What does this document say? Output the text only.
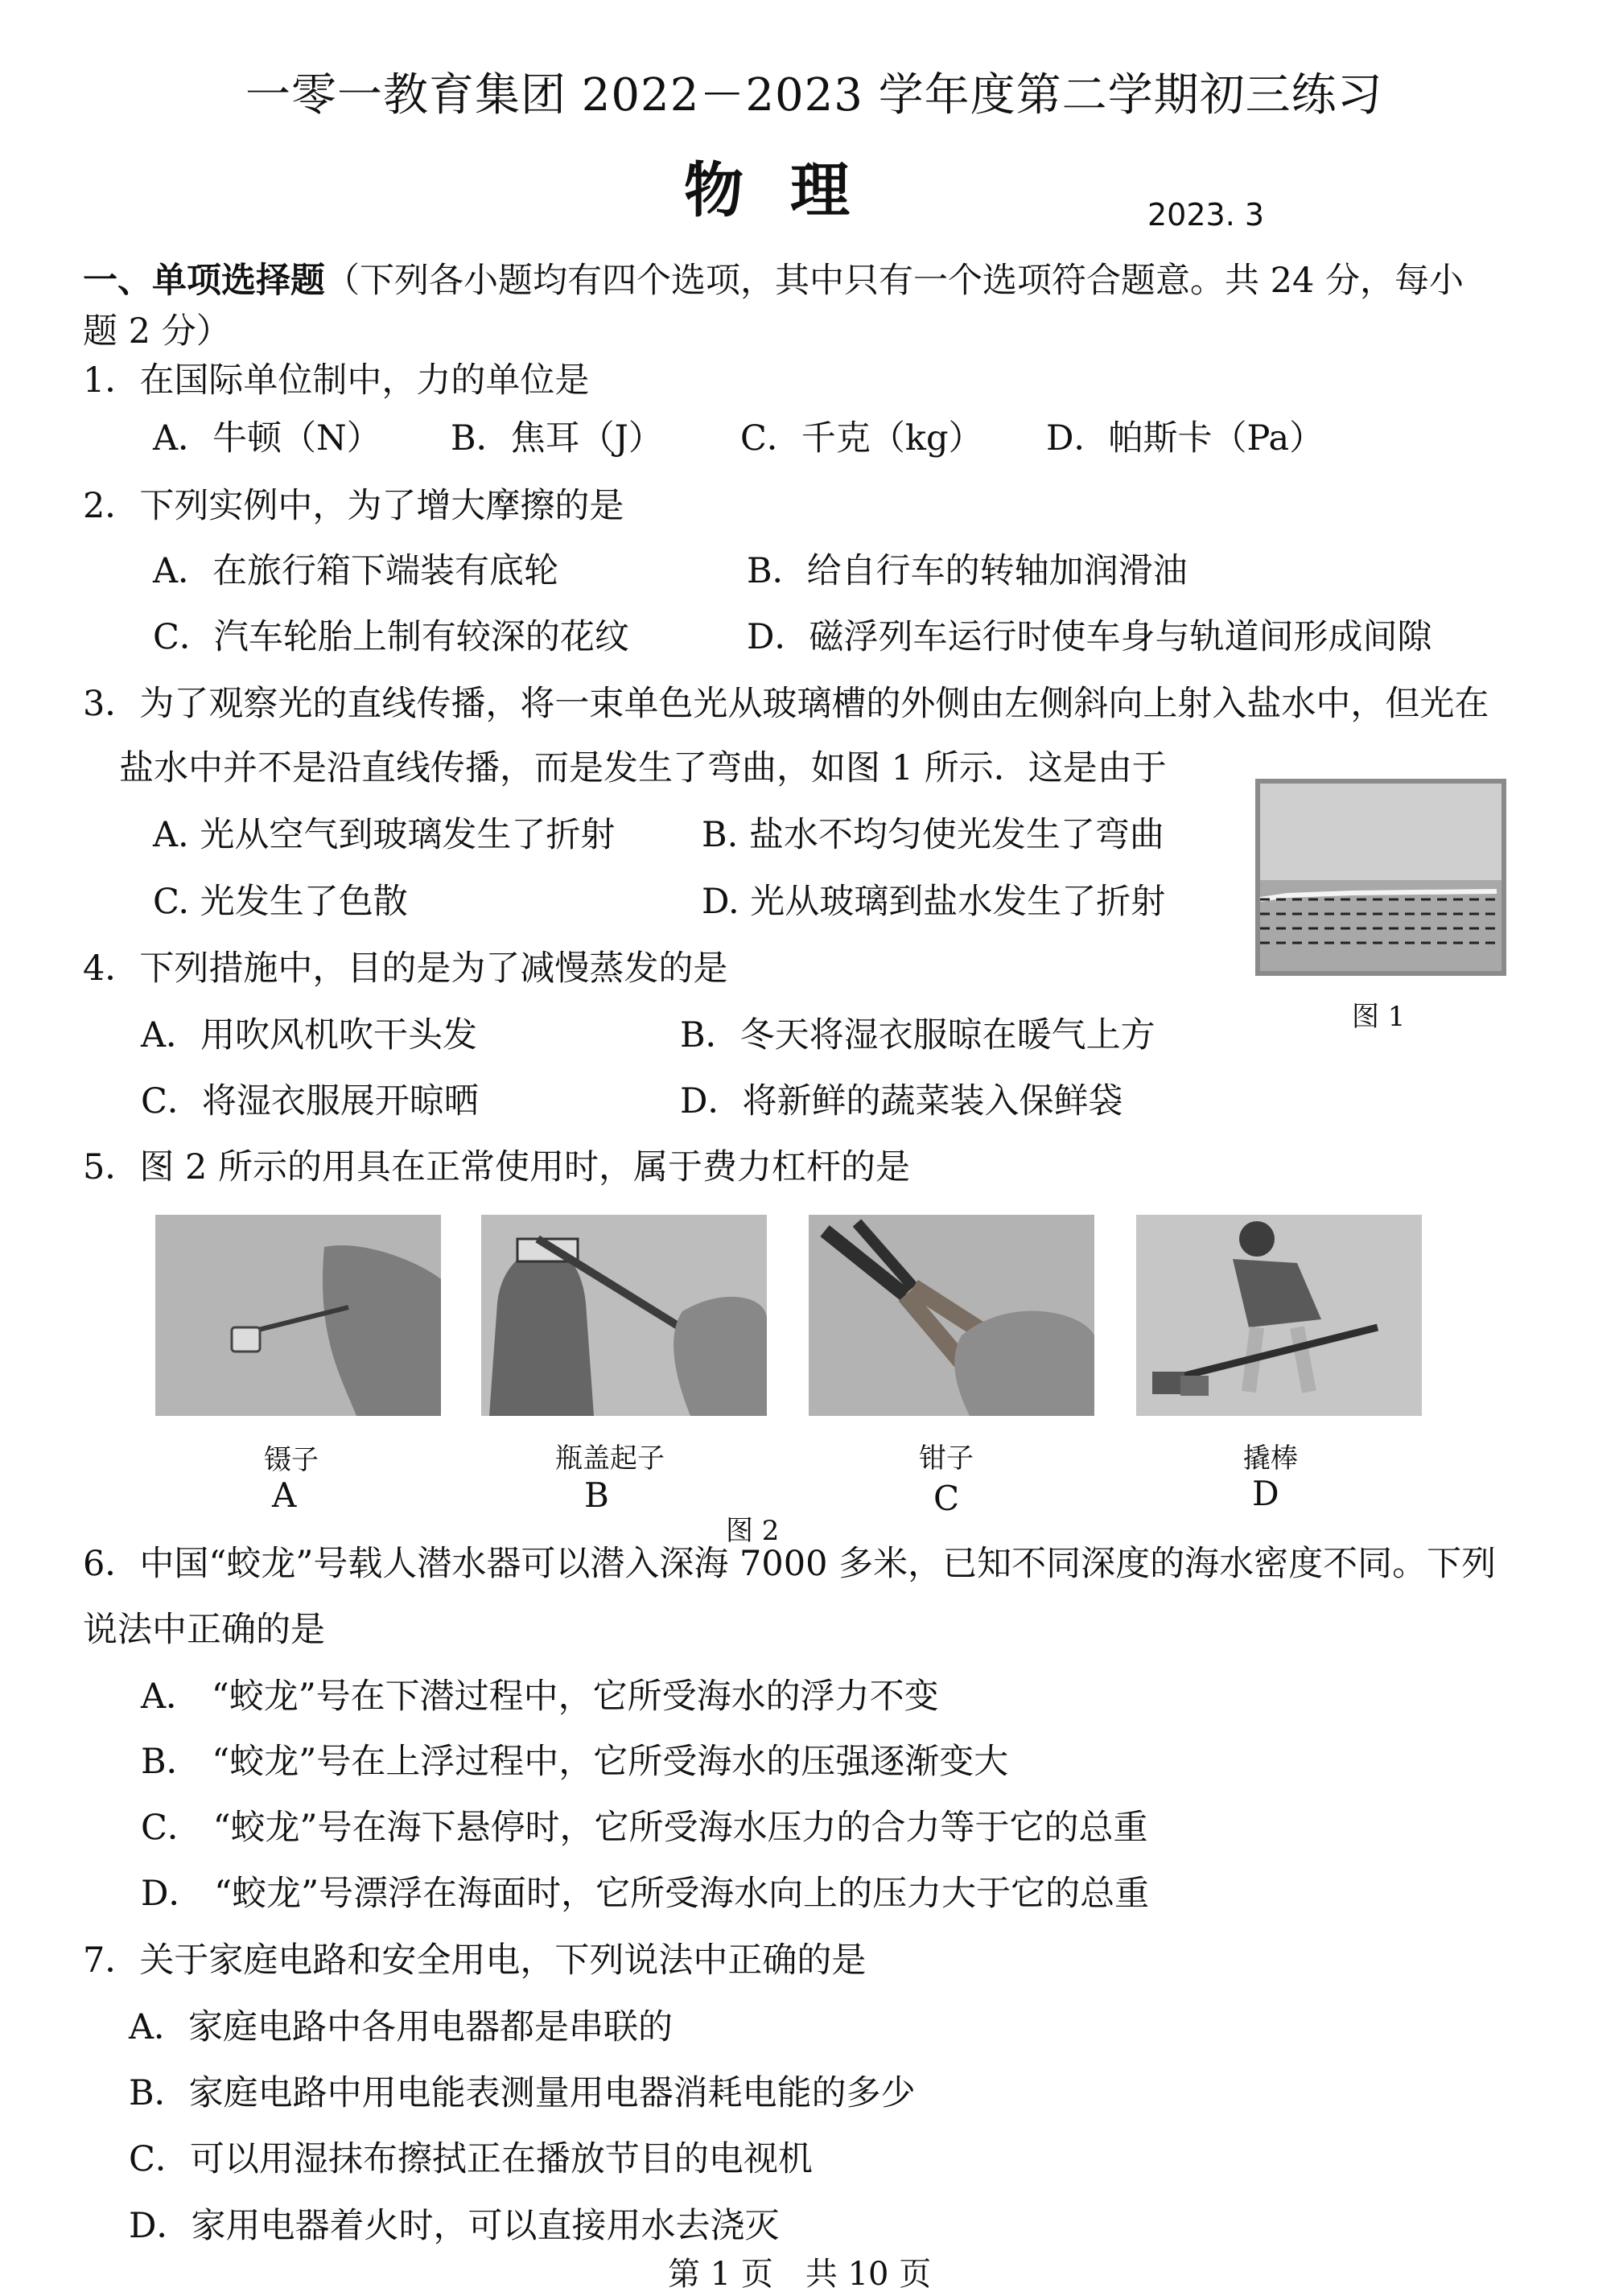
一零一教育集团 2022－2023 学年度第二学期初三练习
物理	2023. 3
一、单项选择题（下列各小题均有四个选项，其中只有一个选项符合题意。共 24 分，每小
题 2 分）
1．在国际单位制中，力的单位是
A．牛顿（N） B．焦耳（J） C．千克（kg） D．帕斯卡（Pa）
2．下列实例中，为了增大摩擦的是
A．在旅行箱下端装有底轮	B．给自行车的转轴加润滑油
C．汽车轮胎上制有较深的花纹	D．磁浮列车运行时使车身与轨道间形成间隙
3．为了观察光的直线传播，将一束单色光从玻璃槽的外侧由左侧斜向上射入盐水中，但光在
盐水中并不是沿直线传播，而是发生了弯曲，如图 1 所示．这是由于
A. 光从空气到玻璃发生了折射	B. 盐水不均匀使光发生了弯曲
C. 光发生了色散	D. 光从玻璃到盐水发生了折射
图 1
4．下列措施中，目的是为了减慢蒸发的是
A．用吹风机吹干头发	B．冬天将湿衣服晾在暖气上方
C．将湿衣服展开晾晒	D．将新鲜的蔬菜装入保鲜袋
5．图 2 所示的用具在正常使用时，属于费力杠杆的是
镊子	瓶盖起子	钳子	撬棒
A	B	C	D
图 2
6．中国“蛟龙”号载人潜水器可以潜入深海 7000 多米，已知不同深度的海水密度不同。下列
说法中正确的是
A． “蛟龙”号在下潜过程中，它所受海水的浮力不变
B． “蛟龙”号在上浮过程中，它所受海水的压强逐渐变大
C． “蛟龙”号在海下悬停时，它所受海水压力的合力等于它的总重
D． “蛟龙”号漂浮在海面时，它所受海水向上的压力大于它的总重
7．关于家庭电路和安全用电，下列说法中正确的是
A．家庭电路中各用电器都是串联的
B．家庭电路中用电能表测量用电器消耗电能的多少
C．可以用湿抹布擦拭正在播放节目的电视机
D．家用电器着火时，可以直接用水去浇灭
第 1 页　共 10 页
